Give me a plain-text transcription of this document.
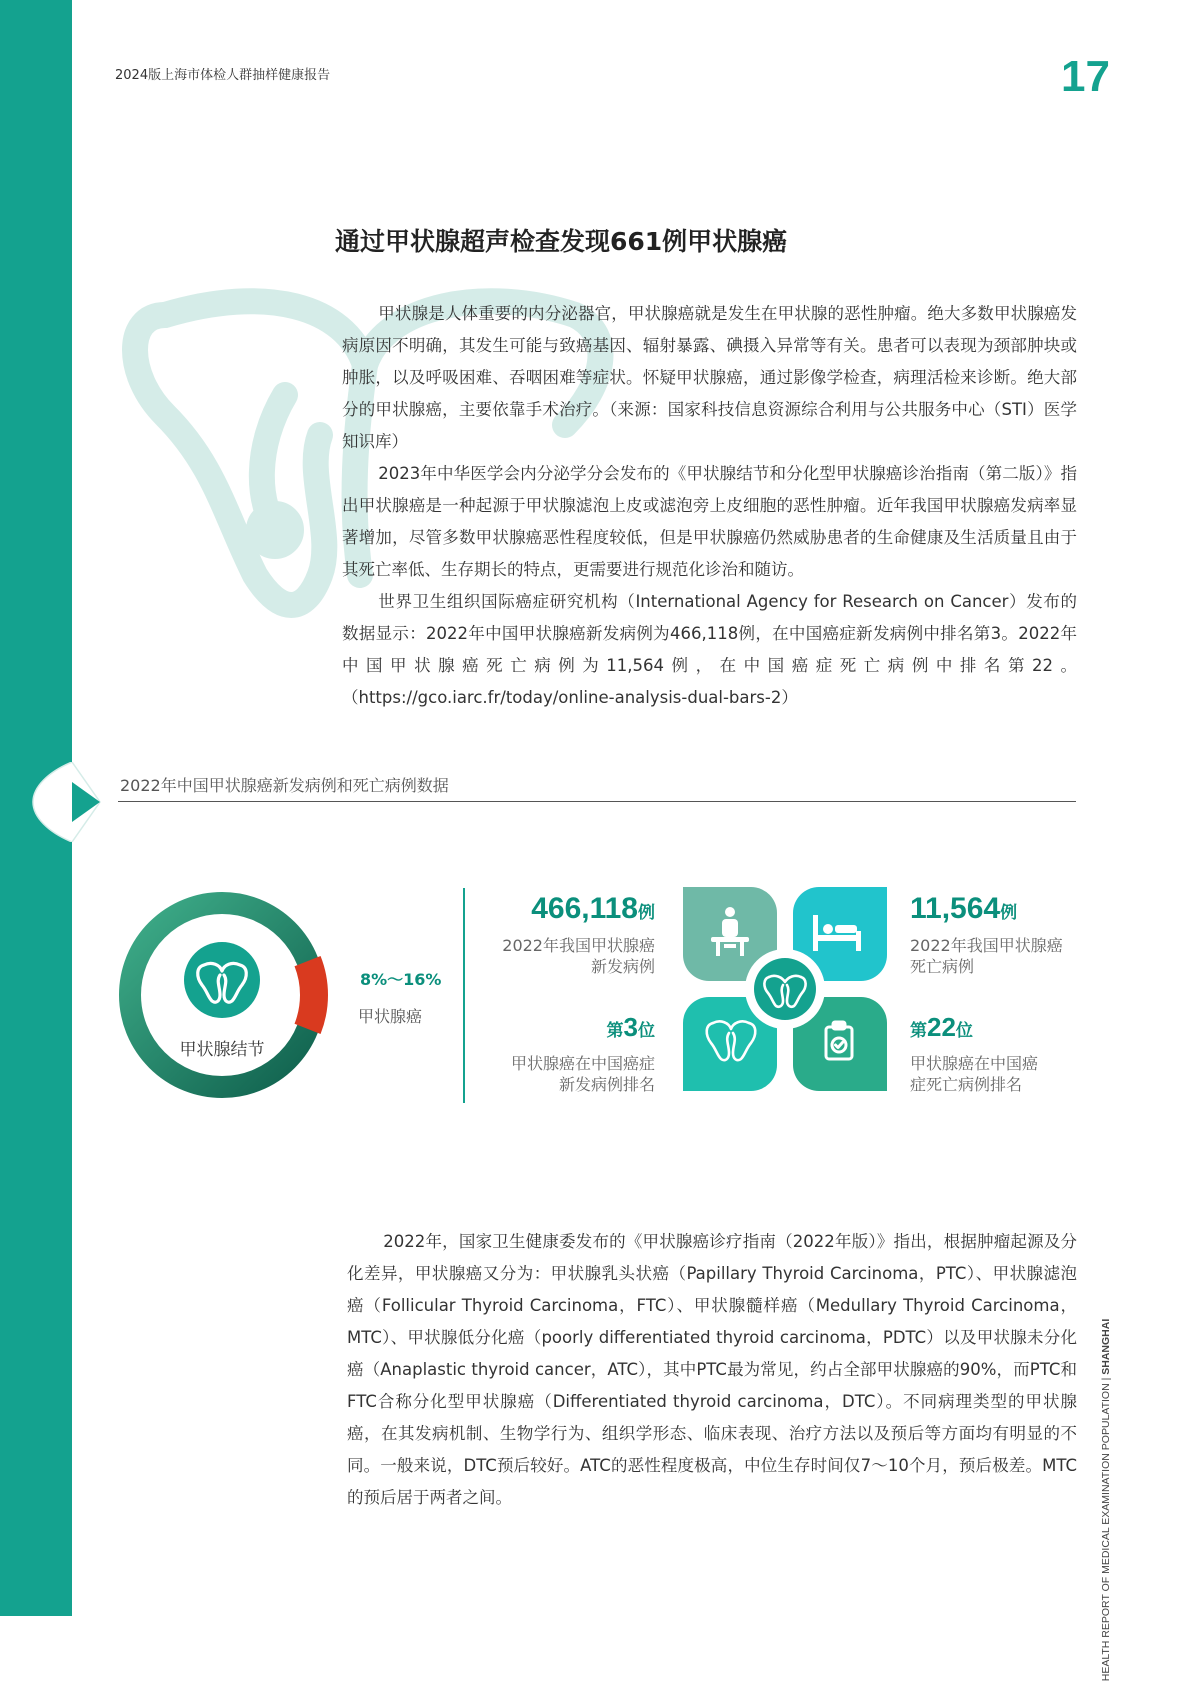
2024版上海市体检人群抽样健康报告	17
通过甲状腺超声检查发现661例甲状腺癌

甲状腺是人体重要的内分泌器官，甲状腺癌就是发生在甲状腺的恶性肿瘤。绝大多数甲状腺癌发病原因不明确，其发生可能与致癌基因、辐射暴露、碘摄入异常等有关。患者可以表现为颈部肿块或肿胀，以及呼吸困难、吞咽困难等症状。怀疑甲状腺癌，通过影像学检查，病理活检来诊断。绝大部分的甲状腺癌，主要依靠手术治疗。（来源：国家科技信息资源综合利用与公共服务中心（STI）医学知识库）

2023年中华医学会内分泌学分会发布的《甲状腺结节和分化型甲状腺癌诊治指南（第二版）》指出甲状腺癌是一种起源于甲状腺滤泡上皮或滤泡旁上皮细胞的恶性肿瘤。近年我国甲状腺癌发病率显著增加，尽管多数甲状腺癌恶性程度较低，但是甲状腺癌仍然威胁患者的生命健康及生活质量且由于其死亡率低、生存期长的特点，更需要进行规范化诊治和随访。

世界卫生组织国际癌症研究机构（International Agency for Research on Cancer）发布的数据显示：2022年中国甲状腺癌新发病例为466,118例，在中国癌症新发病例中排名第3。2022年中国甲状腺癌死亡病例为11,564例，在中国癌症死亡病例中排名第22。（https://gco.iarc.fr/today/online-analysis-dual-bars-2）

2022年中国甲状腺癌新发病例和死亡病例数据
甲状腺结节
8%～16%
甲状腺癌
466,118例
2022年我国甲状腺癌
新发病例
第3位
甲状腺癌在中国癌症
新发病例排名
11,564例
2022年我国甲状腺癌
死亡病例
第22位
甲状腺癌在中国癌
症死亡病例排名

2022年，国家卫生健康委发布的《甲状腺癌诊疗指南（2022年版）》指出，根据肿瘤起源及分化差异，甲状腺癌又分为：甲状腺乳头状癌（Papillary Thyroid Carcinoma，PTC）、甲状腺滤泡癌（Follicular Thyroid Carcinoma，FTC）、甲状腺髓样癌（Medullary Thyroid Carcinoma，MTC）、甲状腺低分化癌（poorly differentiated thyroid carcinoma，PDTC）以及甲状腺未分化癌（Anaplastic thyroid cancer，ATC），其中PTC最为常见，约占全部甲状腺癌的90%，而PTC和FTC合称分化型甲状腺癌（Differentiated thyroid carcinoma，DTC）。不同病理类型的甲状腺癌，在其发病机制、生物学行为、组织学形态、临床表现、治疗方法以及预后等方面均有明显的不同。一般来说，DTC预后较好。ATC的恶性程度极高，中位生存时间仅7～10个月，预后极差。MTC的预后居于两者之间。	HEALTH REPORT OF MEDICAL EXAMINATION POPULATION | SHANGHAI
